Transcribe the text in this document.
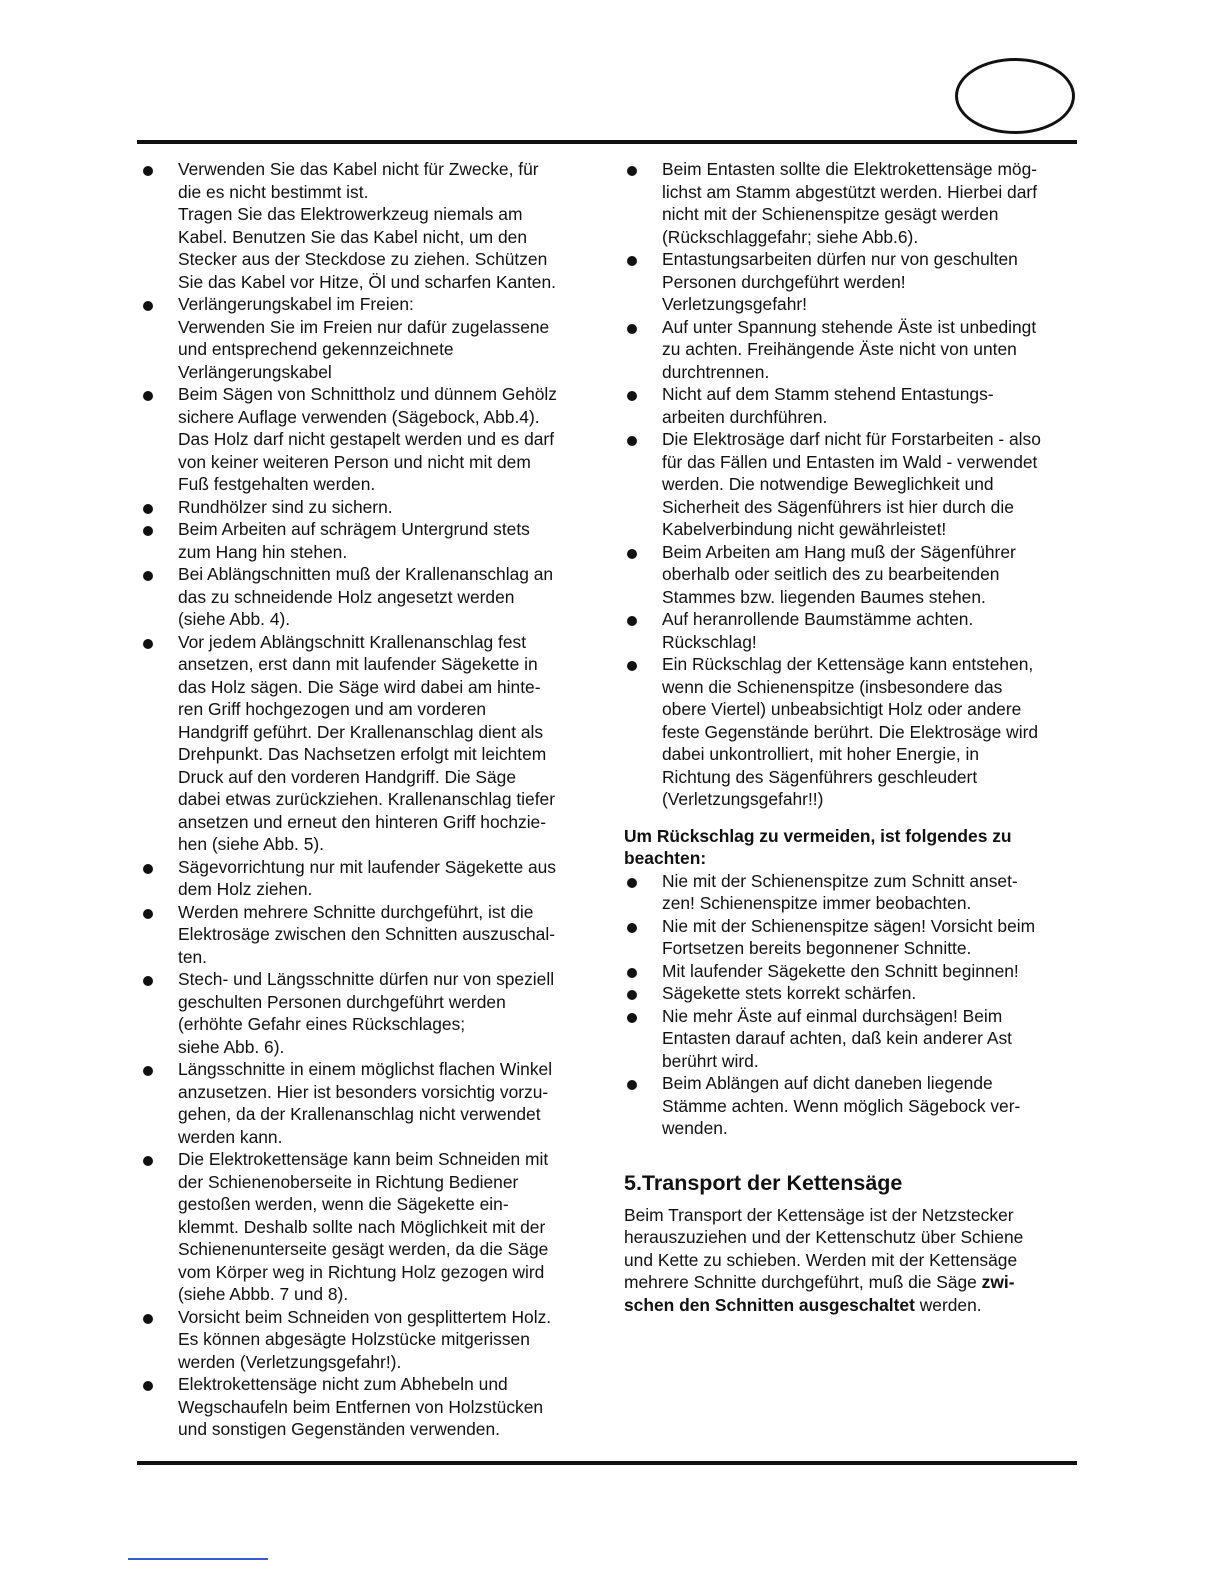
Verwenden Sie das Kabel nicht für Zwecke, für
die es nicht bestimmt ist.
Tragen Sie das Elektrowerkzeug niemals am
Kabel. Benutzen Sie das Kabel nicht, um den
Stecker aus der Steckdose zu ziehen. Schützen
Sie das Kabel vor Hitze, Öl und scharfen Kanten.
Verlängerungskabel im Freien:
Verwenden Sie im Freien nur dafür zugelassene
und entsprechend gekennzeichnete
Verlängerungskabel
Beim Sägen von Schnittholz und dünnem Gehölz
sichere Auflage verwenden (Sägebock, Abb.4).
Das Holz darf nicht gestapelt werden und es darf
von keiner weiteren Person und nicht mit dem
Fuß festgehalten werden.
Rundhölzer sind zu sichern.
Beim Arbeiten auf schrägem Untergrund stets
zum Hang hin stehen.
Bei Ablängschnitten muß der Krallenanschlag an
das zu schneidende Holz angesetzt werden
(siehe Abb. 4).
Vor jedem Ablängschnitt Krallenanschlag fest
ansetzen, erst dann mit laufender Sägekette in
das Holz sägen. Die Säge wird dabei am hinte-
ren Griff hochgezogen und am vorderen
Handgriff geführt. Der Krallenanschlag dient als
Drehpunkt. Das Nachsetzen erfolgt mit leichtem
Druck auf den vorderen Handgriff. Die Säge
dabei etwas zurückziehen. Krallenanschlag tiefer
ansetzen und erneut den hinteren Griff hochzie-
hen (siehe Abb. 5).
Sägevorrichtung nur mit laufender Sägekette aus
dem Holz ziehen.
Werden mehrere Schnitte durchgeführt, ist die
Elektrosäge zwischen den Schnitten auszuschal-
ten.
Stech- und Längsschnitte dürfen nur von speziell
geschulten Personen durchgeführt werden
(erhöhte Gefahr eines Rückschlages;
siehe Abb. 6).
Längsschnitte in einem möglichst flachen Winkel
anzusetzen. Hier ist besonders vorsichtig vorzu-
gehen, da der Krallenanschlag nicht verwendet
werden kann.
Die Elektrokettensäge kann beim Schneiden mit
der Schienenoberseite in Richtung Bediener
gestoßen werden, wenn die Sägekette ein-
klemmt. Deshalb sollte nach Möglichkeit mit der
Schienenunterseite gesägt werden, da die Säge
vom Körper weg in Richtung Holz gezogen wird
(siehe Abbb. 7 und 8).
Vorsicht beim Schneiden von gesplittertem Holz.
Es können abgesägte Holzstücke mitgerissen
werden (Verletzungsgefahr!).
Elektrokettensäge nicht zum Abhebeln und
Wegschaufeln beim Entfernen von Holzstücken
und sonstigen Gegenständen verwenden.
Beim Entasten sollte die Elektrokettensäge mög-
lichst am Stamm abgestützt werden. Hierbei darf
nicht mit der Schienenspitze gesägt werden
(Rückschlaggefahr; siehe Abb.6).
Entastungsarbeiten dürfen nur von geschulten
Personen durchgeführt werden!
Verletzungsgefahr!
Auf unter Spannung stehende Äste ist unbedingt
zu achten. Freihängende Äste nicht von unten
durchtrennen.
Nicht auf dem Stamm stehend Entastungs-
arbeiten durchführen.
Die Elektrosäge darf nicht für Forstarbeiten - also
für das Fällen und Entasten im Wald - verwendet
werden. Die notwendige Beweglichkeit und
Sicherheit des Sägenführers ist hier durch die
Kabelverbindung nicht gewährleistet!
Beim Arbeiten am Hang muß der Sägenführer
oberhalb oder seitlich des zu bearbeitenden
Stammes bzw. liegenden Baumes stehen.
Auf heranrollende Baumstämme achten.
Rückschlag!
Ein Rückschlag der Kettensäge kann entstehen,
wenn die Schienenspitze (insbesondere das
obere Viertel) unbeabsichtigt Holz oder andere
feste Gegenstände berührt. Die Elektrosäge wird
dabei unkontrolliert, mit hoher Energie, in
Richtung des Sägenführers geschleudert
(Verletzungsgefahr!!)
Um Rückschlag zu vermeiden, ist folgendes zu
beachten:
Nie mit der Schienenspitze zum Schnitt anset-
zen! Schienenspitze immer beobachten.
Nie mit der Schienenspitze sägen! Vorsicht beim
Fortsetzen bereits begonnener Schnitte.
Mit laufender Sägekette den Schnitt beginnen!
Sägekette stets korrekt schärfen.
Nie mehr Äste auf einmal durchsägen! Beim
Entasten darauf achten, daß kein anderer Ast
berührt wird.
Beim Ablängen auf dicht daneben liegende
Stämme achten. Wenn möglich Sägebock ver-
wenden.
5.Transport der Kettensäge
Beim Transport der Kettensäge ist der Netzstecker
herauszuziehen und der Kettenschutz über Schiene
und Kette zu schieben. Werden mit der Kettensäge
mehrere Schnitte durchgeführt, muß die Säge zwi-
schen den Schnitten ausgeschaltet werden.
